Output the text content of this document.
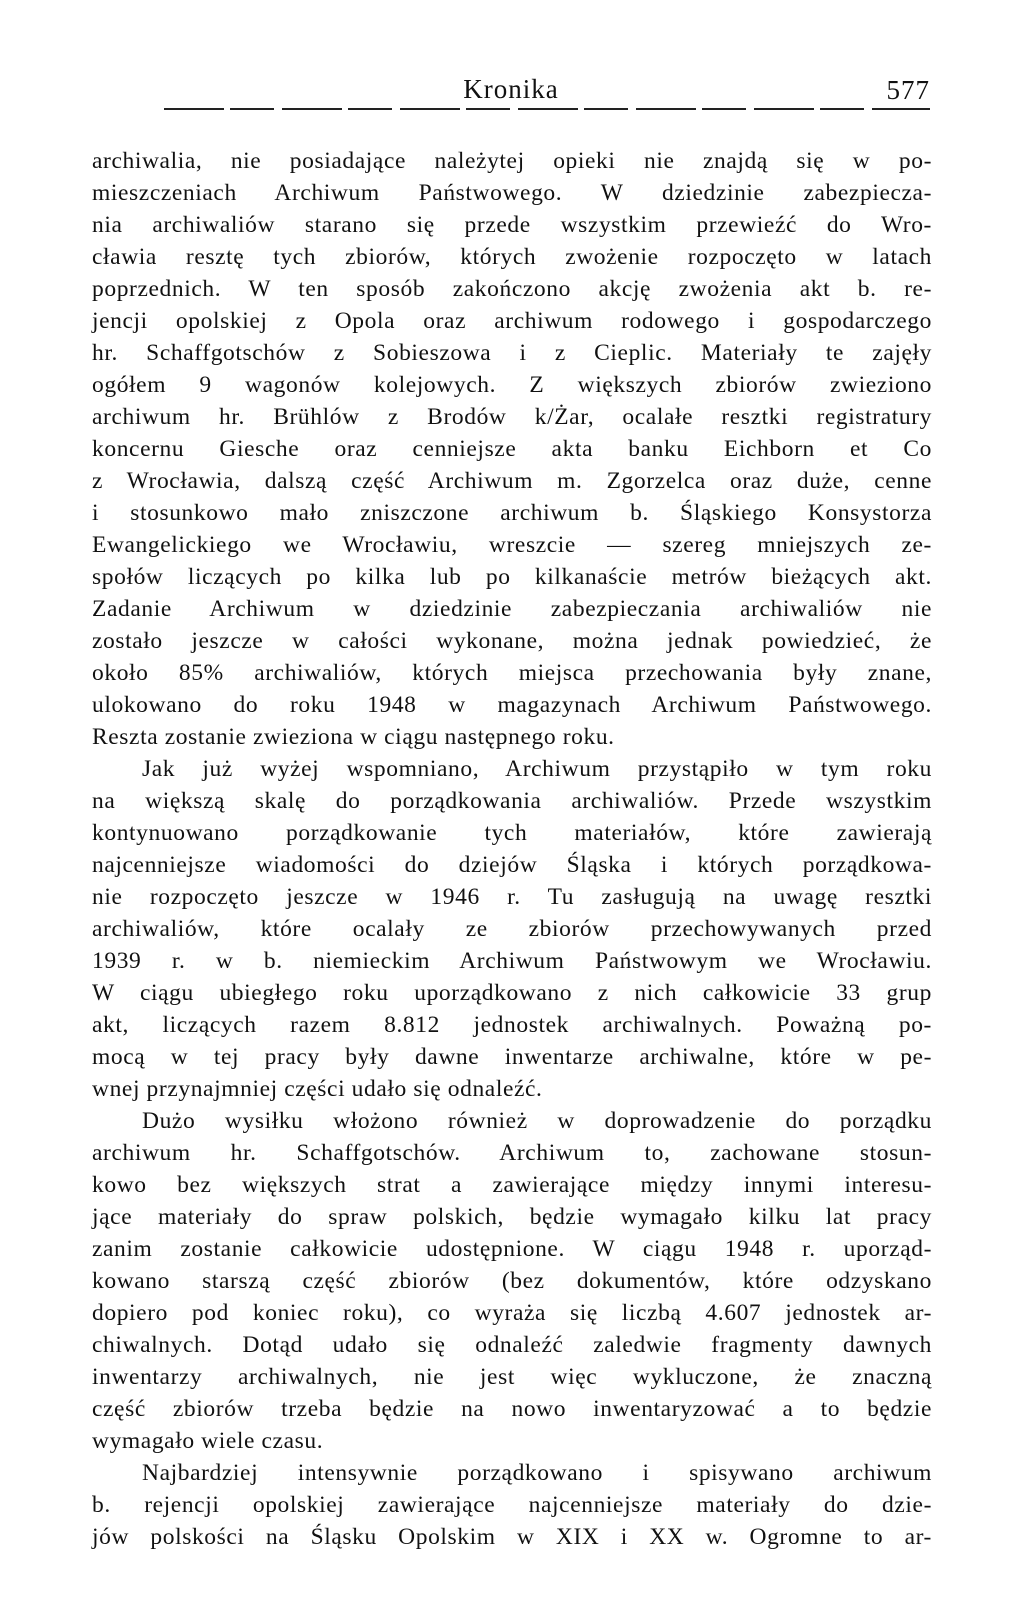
Kronika	577
archiwalia, nie posiadające należytej opieki nie znajdą się w po-
mieszczeniach Archiwum Państwowego. W dziedzinie zabezpiecza-
nia archiwaliów starano się przede wszystkim przewieźć do Wro-
cławia resztę tych zbiorów, których zwożenie rozpoczęto w latach
poprzednich. W ten sposób zakończono akcję zwożenia akt b. re-
jencji opolskiej z Opola oraz archiwum rodowego i gospodarczego
hr. Schaffgotschów z Sobieszowa i z Cieplic. Materiały te zajęły
ogółem 9 wagonów kolejowych. Z większych zbiorów zwieziono
archiwum hr. Brühlów z Brodów k/Żar, ocalałe resztki registratury
koncernu Giesche oraz cenniejsze akta banku Eichborn et Co
z Wrocławia, dalszą część Archiwum m. Zgorzelca oraz duże, cenne
i stosunkowo mało zniszczone archiwum b. Śląskiego Konsystorza
Ewangelickiego we Wrocławiu, wreszcie — szereg mniejszych ze-
społów liczących po kilka lub po kilkanaście metrów bieżących akt.
Zadanie Archiwum w dziedzinie zabezpieczania archiwaliów nie
zostało jeszcze w całości wykonane, można jednak powiedzieć, że
około 85% archiwaliów, których miejsca przechowania były znane,
ulokowano do roku 1948 w magazynach Archiwum Państwowego.
Reszta zostanie zwieziona w ciągu następnego roku.
Jak już wyżej wspomniano, Archiwum przystąpiło w tym roku
na większą skalę do porządkowania archiwaliów. Przede wszystkim
kontynuowano porządkowanie tych materiałów, które zawierają
najcenniejsze wiadomości do dziejów Śląska i których porządkowa-
nie rozpoczęto jeszcze w 1946 r. Tu zasługują na uwagę resztki
archiwaliów, które ocalały ze zbiorów przechowywanych przed
1939 r. w b. niemieckim Archiwum Państwowym we Wrocławiu.
W ciągu ubiegłego roku uporządkowano z nich całkowicie 33 grup
akt, liczących razem 8.812 jednostek archiwalnych. Poważną po-
mocą w tej pracy były dawne inwentarze archiwalne, które w pe-
wnej przynajmniej części udało się odnaleźć.
Dużo wysiłku włożono również w doprowadzenie do porządku
archiwum hr. Schaffgotschów. Archiwum to, zachowane stosun-
kowo bez większych strat a zawierające między innymi interesu-
jące materiały do spraw polskich, będzie wymagało kilku lat pracy
zanim zostanie całkowicie udostępnione. W ciągu 1948 r. uporząd-
kowano starszą część zbiorów (bez dokumentów, które odzyskano
dopiero pod koniec roku), co wyraża się liczbą 4.607 jednostek ar-
chiwalnych. Dotąd udało się odnaleźć zaledwie fragmenty dawnych
inwentarzy archiwalnych, nie jest więc wykluczone, że znaczną
część zbiorów trzeba będzie na nowo inwentaryzować a to będzie
wymagało wiele czasu.
Najbardziej intensywnie porządkowano i spisywano archiwum
b. rejencji opolskiej zawierające najcenniejsze materiały do dzie-
jów polskości na Śląsku Opolskim w XIX i XX w. Ogromne to ar-
